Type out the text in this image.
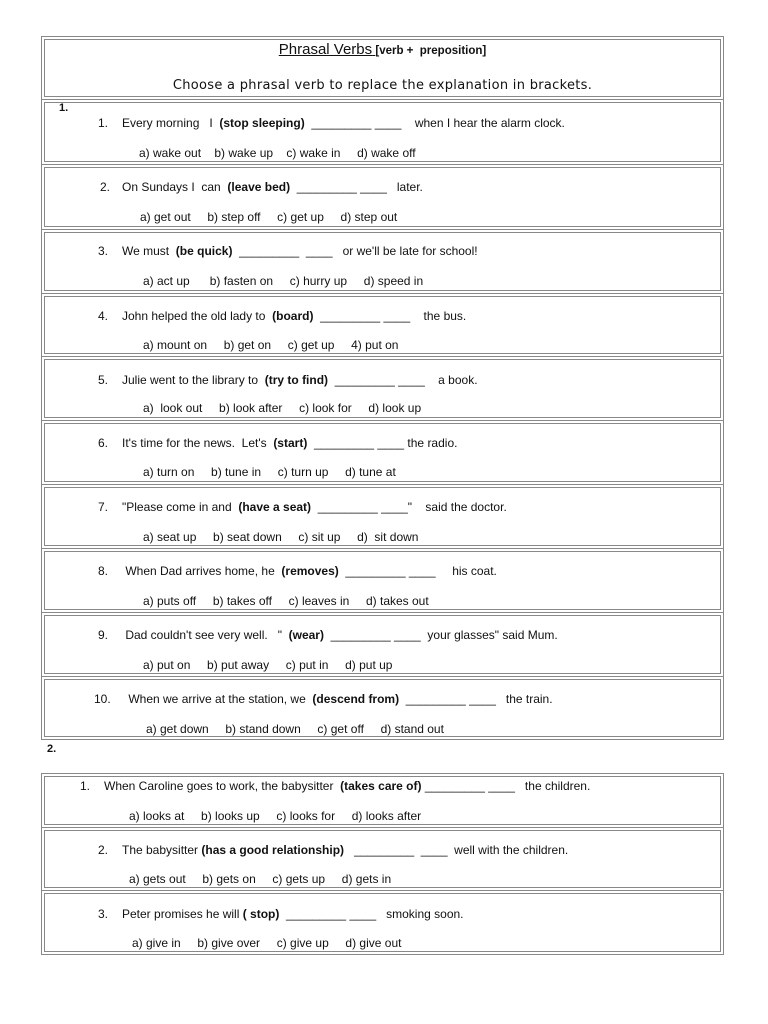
Phrasal Verbs [verb +  preposition]
Choose a phrasal verb to replace the explanation in brackets.
1.
1. Every morning   I  (stop sleeping)  _________ ____    when I hear the alarm clock.
a) wake out    b) wake up    c) wake in     d) wake off
2. On Sundays I  can  (leave bed)  _________ ____   later.
a) get out     b) step off     c) get up     d) step out
3. We must  (be quick)  _________  ____   or we'll be late for school!
a) act up      b) fasten on     c) hurry up     d) speed in
4. John helped the old lady to  (board)  _________ ____    the bus.
a) mount on     b) get on     c) get up     4) put on
5. Julie went to the library to  (try to find)  _________ ____    a book.
a)  look out     b) look after     c) look for     d) look up
6. It's time for the news.  Let's  (start)  _________ ____ the radio.
a) turn on     b) tune in     c) turn up     d) tune at
7. "Please come in and  (have a seat)  _________ ____"    said the doctor.
a) seat up     b) seat down     c) sit up     d)  sit down
8. When Dad arrives home, he  (removes)  _________ ____     his coat.
a) puts off     b) takes off     c) leaves in     d) takes out
9. Dad couldn't see very well.   "  (wear)  _________ ____  your glasses" said Mum.
a) put on     b) put away     c) put in     d) put up
10. When we arrive at the station, we  (descend from)  _________ ____   the train.
a) get down     b) stand down     c) get off     d) stand out
2.
1. When Caroline goes to work, the babysitter  (takes care of) _________ ____   the children.
a) looks at     b) looks up     c) looks for     d) looks after
2. The babysitter (has a good relationship)   _________  ____  well with the children.
a) gets out     b) gets on     c) gets up     d) gets in
3. Peter promises he will ( stop)  _________ ____   smoking soon.
a) give in     b) give over     c) give up     d) give out
